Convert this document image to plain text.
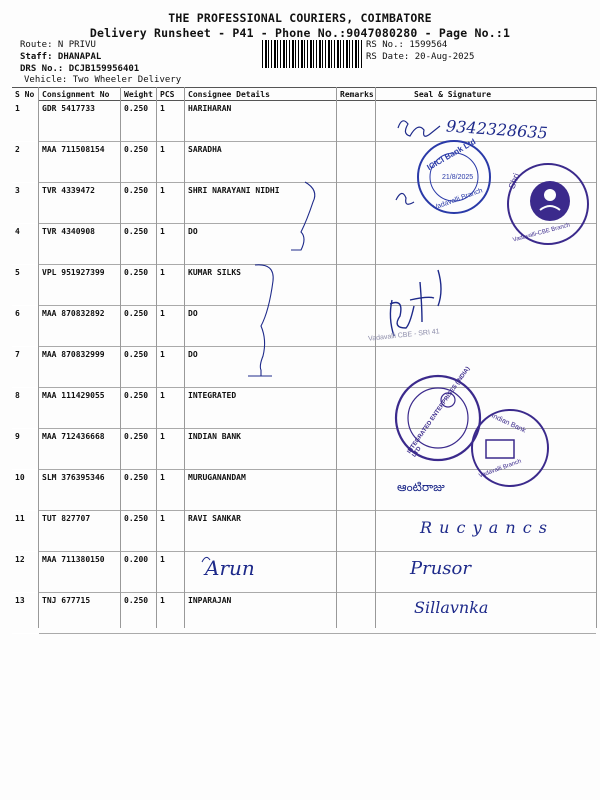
THE PROFESSIONAL COURIERS, COIMBATORE
Delivery Runsheet - P41 - Phone No.:9047080280 - Page No.:1
Route: N PRIVU
Staff: DHANAPAL
DRS No.: DCJB159956401
Vehicle: Two Wheeler Delivery
RS No.: 1599564
RS Date: 20-Aug-2025
S No	Consignment No	Weight	PCS	Consignee Details	Remarks	Seal & Signature
1	GDR 5417733	0.250	1	HARIHARAN		
2	MAA 711508154	0.250	1	SARADHA		
3	TVR 4339472	0.250	1	SHRI NARAYANI NIDHI		
4	TVR 4340908	0.250	1	DO		
5	VPL 951927399	0.250	1	KUMAR SILKS		
6	MAA 870832892	0.250	1	DO		
7	MAA 870832999	0.250	1	DO		
8	MAA 111429055	0.250	1	INTEGRATED		
9	MAA 712436668	0.250	1	INDIAN BANK		
10	SLM 376395346	0.250	1	MURUGANANDAM		
11	TUT 827707	0.250	1	RAVI SANKAR		
12	MAA 711380150	0.200	1			
13	TNJ 677715	0.250	1	INPARAJAN		
9342328635
ఆంటిరాజు
R u c y a n c s
Arun	Prusor
Sillavnka
ICICI Bank Ltd
Vadavalli Branch
21/8/2025	Shri
Vadavalli-CBE Branch
INTEGRATED ENTERPRISES (INDIA) LTD
Indian Bank
Vadavalli Branch
Vadavalli CBE - SRI 41
